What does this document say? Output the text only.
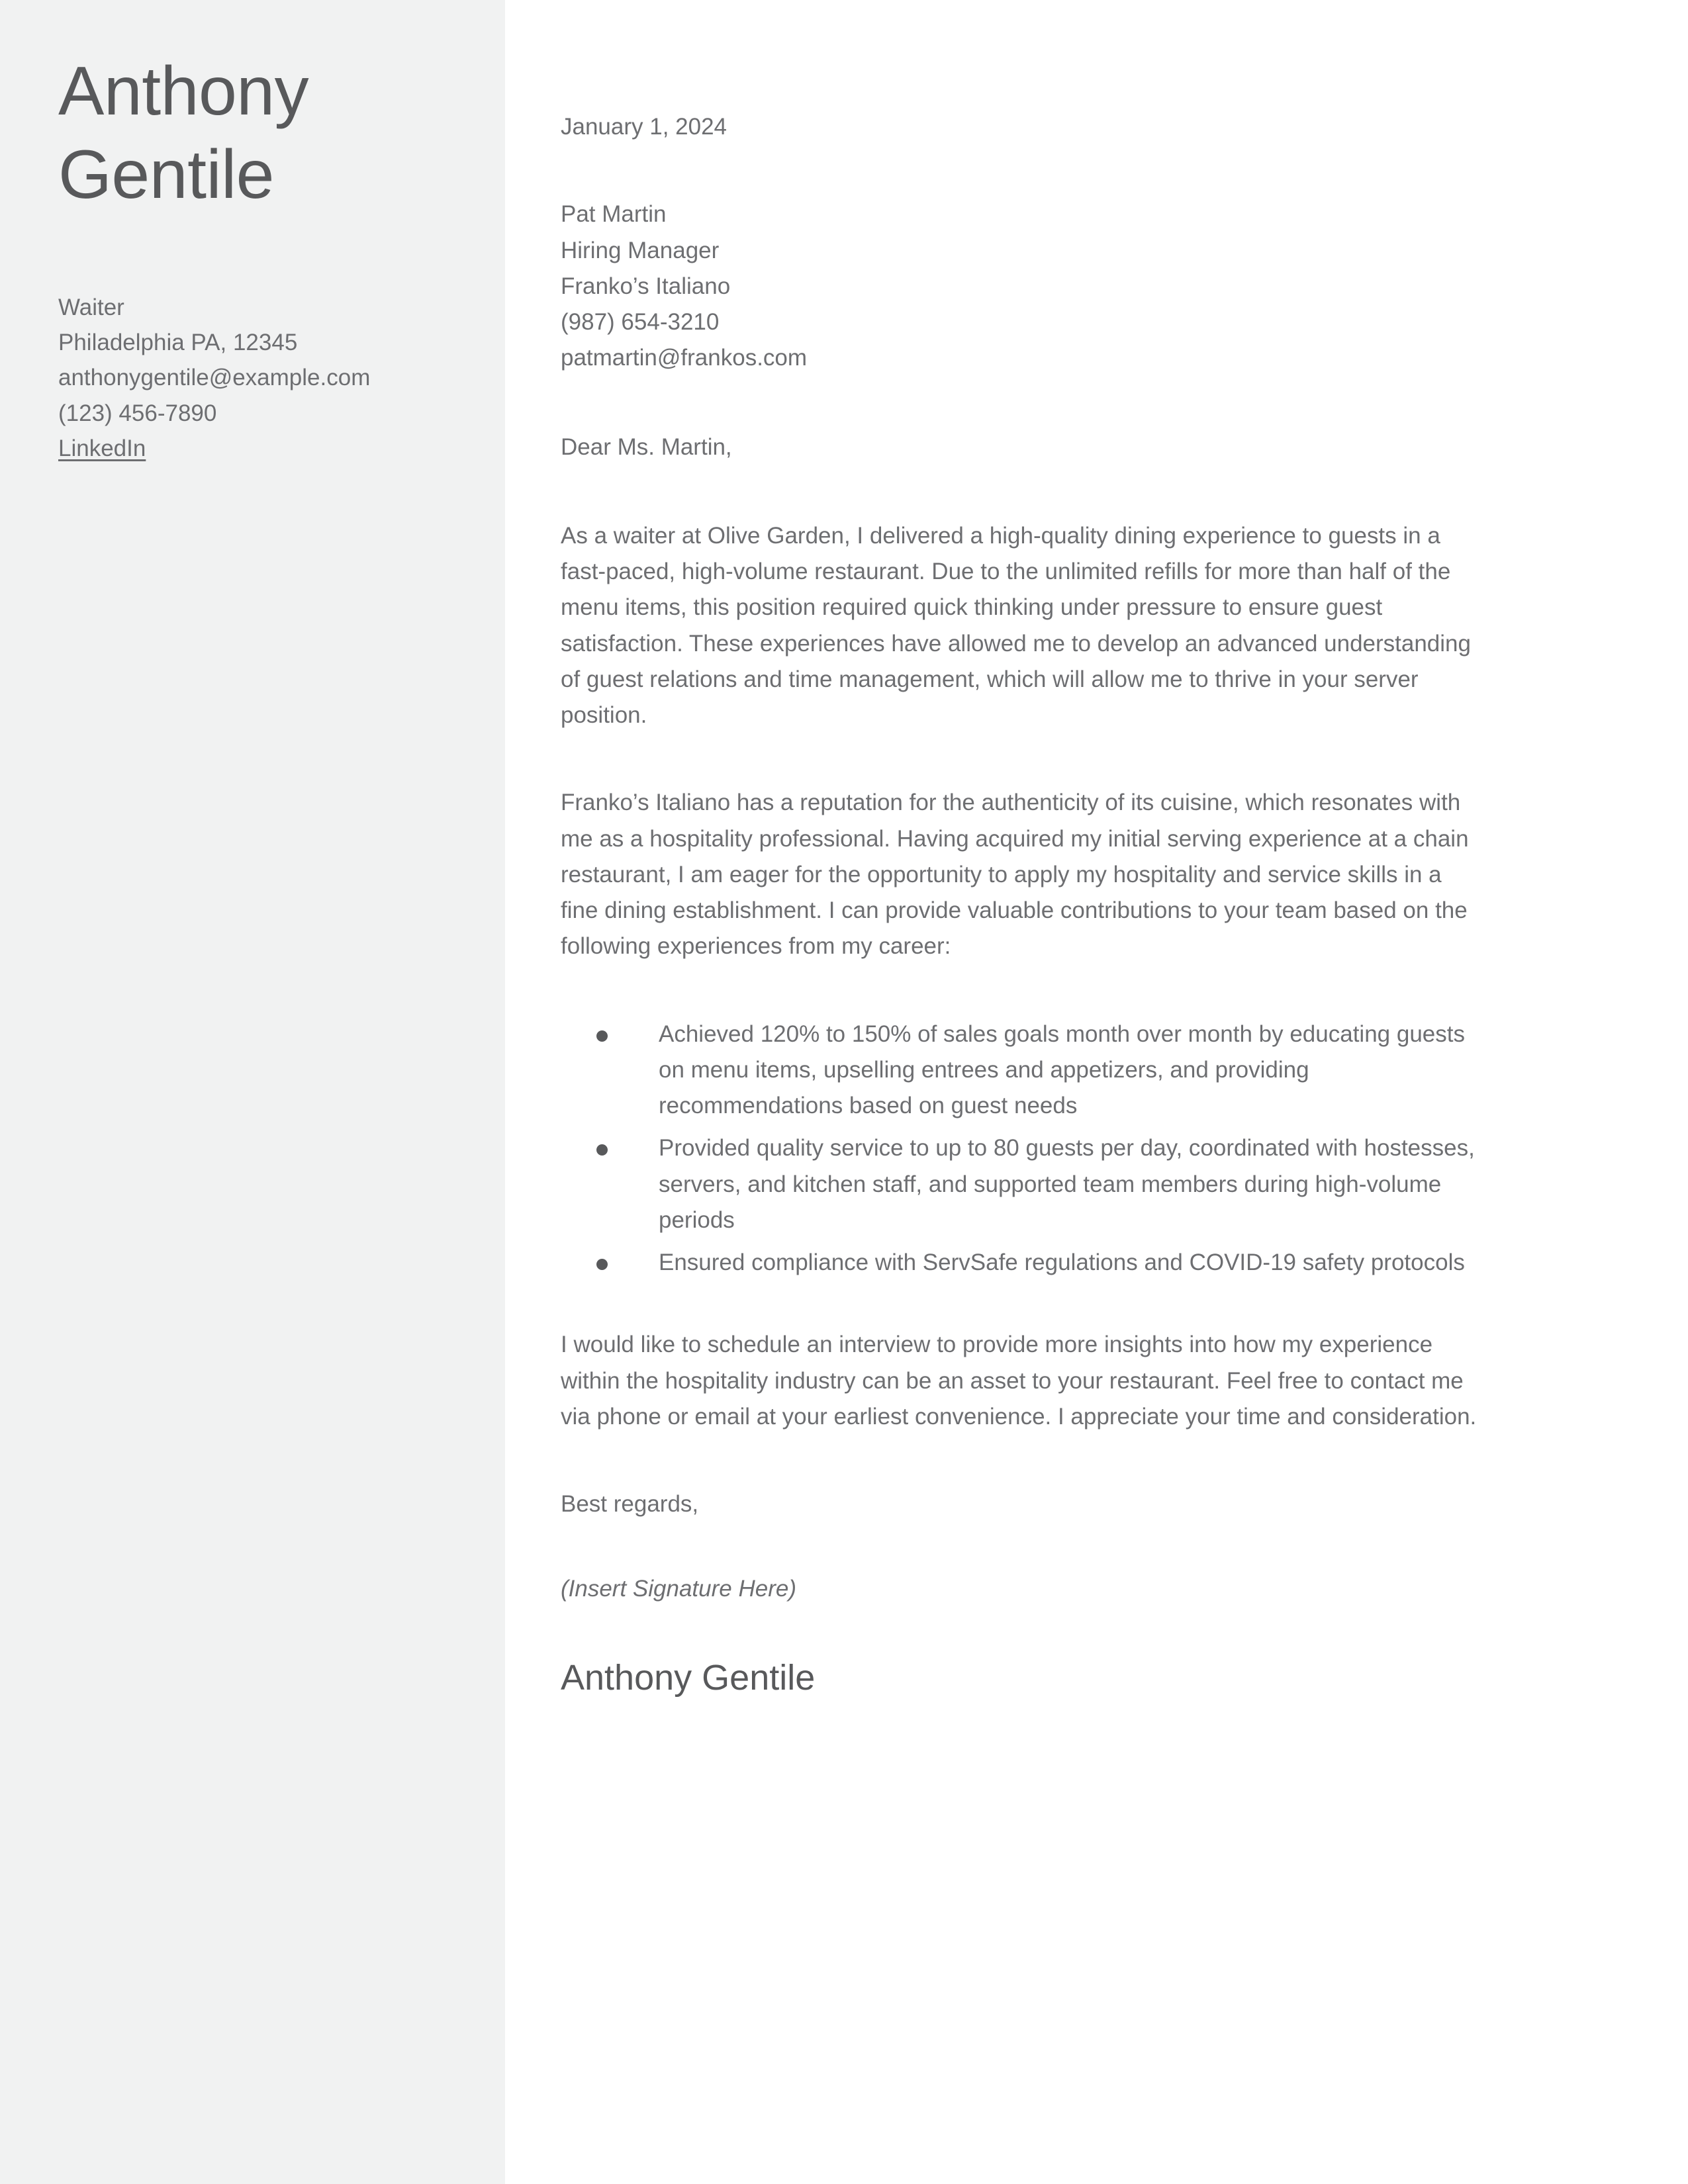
Anthony
Gentile
Waiter
Philadelphia PA, 12345
anthonygentile@example.com
(123) 456-7890
LinkedIn

January 1, 2024

Pat Martin
Hiring Manager
Franko’s Italiano
(987) 654-3210
patmartin@frankos.com

Dear Ms. Martin,

As a waiter at Olive Garden, I delivered a high-quality dining experience to guests in a fast-paced, high-volume restaurant. Due to the unlimited refills for more than half of the menu items, this position required quick thinking under pressure to ensure guest satisfaction. These experiences have allowed me to develop an advanced understanding of guest relations and time management, which will allow me to thrive in your server position.

Franko’s Italiano has a reputation for the authenticity of its cuisine, which resonates with me as a hospitality professional. Having acquired my initial serving experience at a chain restaurant, I am eager for the opportunity to apply my hospitality and service skills in a fine dining establishment. I can provide valuable contributions to your team based on the following experiences from my career:

Achieved 120% to 150% of sales goals month over month by educating guests on menu items, upselling entrees and appetizers, and providing recommendations based on guest needs
Provided quality service to up to 80 guests per day, coordinated with hostesses, servers, and kitchen staff, and supported team members during high-volume periods
Ensured compliance with ServSafe regulations and COVID-19 safety protocols

I would like to schedule an interview to provide more insights into how my experience within the hospitality industry can be an asset to your restaurant. Feel free to contact me via phone or email at your earliest convenience. I appreciate your time and consideration.

Best regards,

(Insert Signature Here)

Anthony Gentile
